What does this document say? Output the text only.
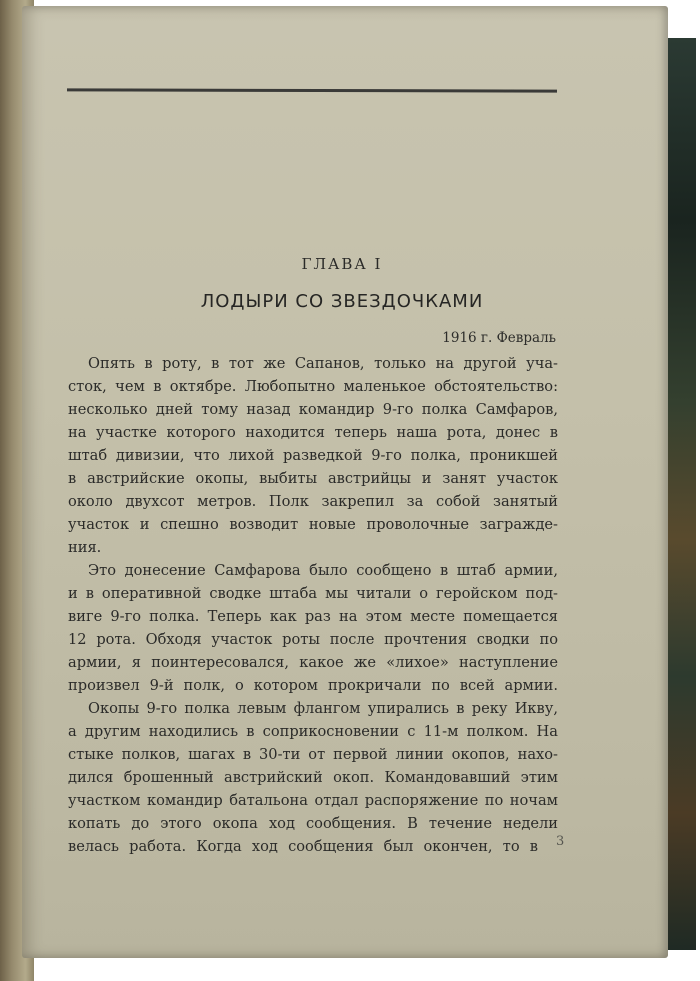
ГЛАВА I
ЛОДЫРИ СО ЗВЕЗДОЧКАМИ
1916 г. Февраль
Опять в роту, в тот же Сапанов, только на другой уча-
сток, чем в октябре. Любопытно маленькое обстоятельство:
несколько дней тому назад командир 9-го полка Самфаров,
на участке которого находится теперь наша рота, донес в
штаб дивизии, что лихой разведкой 9-го полка, проникшей
в австрийские окопы, выбиты австрийцы и занят участок
около двухсот метров. Полк закрепил за собой занятый
участок и спешно возводит новые проволочные загражде-
ния.
Это донесение Самфарова было сообщено в штаб армии,
и в оперативной сводке штаба мы читали о геройском под-
виге 9-го полка. Теперь как раз на этом месте помещается
12 рота. Обходя участок роты после прочтения сводки по
армии, я поинтересовался, какое же «лихое» наступление
произвел 9-й полк, о котором прокричали по всей армии.
Окопы 9-го полка левым флангом упирались в реку Икву,
а другим находились в соприкосновении с 11-м полком. На
стыке полков, шагах в 30-ти от первой линии окопов, нахо-
дился брошенный австрийский окоп. Командовавший этим
участком командир батальона отдал распоряжение по ночам
копать до этого окопа ход сообщения. В течение недели
велась работа. Когда ход сообщения был окончен, то в 3
